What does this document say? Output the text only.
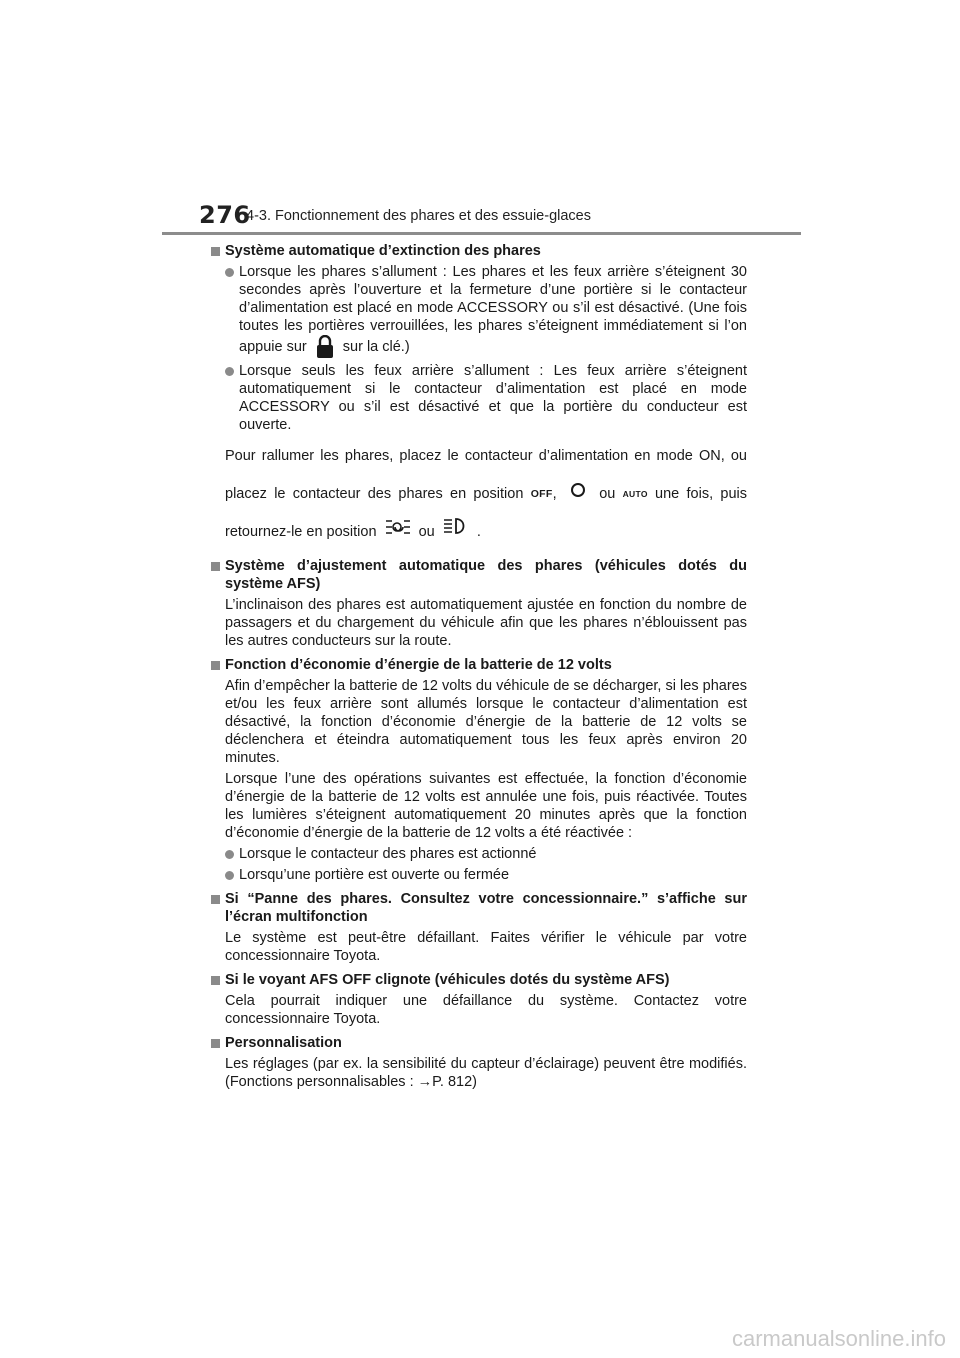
276
4-3. Fonctionnement des phares et des essuie-glaces
Système automatique d’extinction des phares
Lorsque les phares s’allument : Les phares et les feux arrière s’éteignent 30 secondes après l’ouverture et la fermeture d’une portière si le contacteur d’alimentation est placé en mode ACCESSORY ou s’il est désactivé. (Une fois toutes les portières verrouillées, les phares s’éteignent immédiatement si l’on appuie sur sur la clé.)
Lorsque seuls les feux arrière s’allument : Les feux arrière s’éteignent automatiquement si le contacteur d’alimentation est placé en mode ACCESSORY ou s’il est désactivé et que la portière du conducteur est ouverte.
Pour rallumer les phares, placez le contacteur d’alimentation en mode ON, ou placez le contacteur des phares en position OFF,	ou AUTO une fois, puis retournez-le en position	ou	.
Système d’ajustement automatique des phares (véhicules dotés du système AFS)
L’inclinaison des phares est automatiquement ajustée en fonction du nombre de passagers et du chargement du véhicule afin que les phares n’éblouissent pas les autres conducteurs sur la route.
Fonction d’économie d’énergie de la batterie de 12 volts
Afin d’empêcher la batterie de 12 volts du véhicule de se décharger, si les phares et/ou les feux arrière sont allumés lorsque le contacteur d’alimentation est désactivé, la fonction d’économie d’énergie de la batterie de 12 volts se déclenchera et éteindra automatiquement tous les feux après environ 20 minutes.
Lorsque l’une des opérations suivantes est effectuée, la fonction d’économie d’énergie de la batterie de 12 volts est annulée une fois, puis réactivée. Toutes les lumières s’éteignent automatiquement 20 minutes après que la fonction d’économie d’énergie de la batterie de 12 volts a été réactivée :
Lorsque le contacteur des phares est actionné
Lorsqu’une portière est ouverte ou fermée
Si “Panne des phares. Consultez votre concessionnaire.” s’affiche sur l’écran multifonction
Le système est peut-être défaillant. Faites vérifier le véhicule par votre concessionnaire Toyota.
Si le voyant AFS OFF clignote (véhicules dotés du système AFS)
Cela pourrait indiquer une défaillance du système. Contactez votre concessionnaire Toyota.
Personnalisation
Les réglages (par ex. la sensibilité du capteur d’éclairage) peuvent être modifiés. (Fonctions personnalisables : →P. 812)
carmanualsonline.info
